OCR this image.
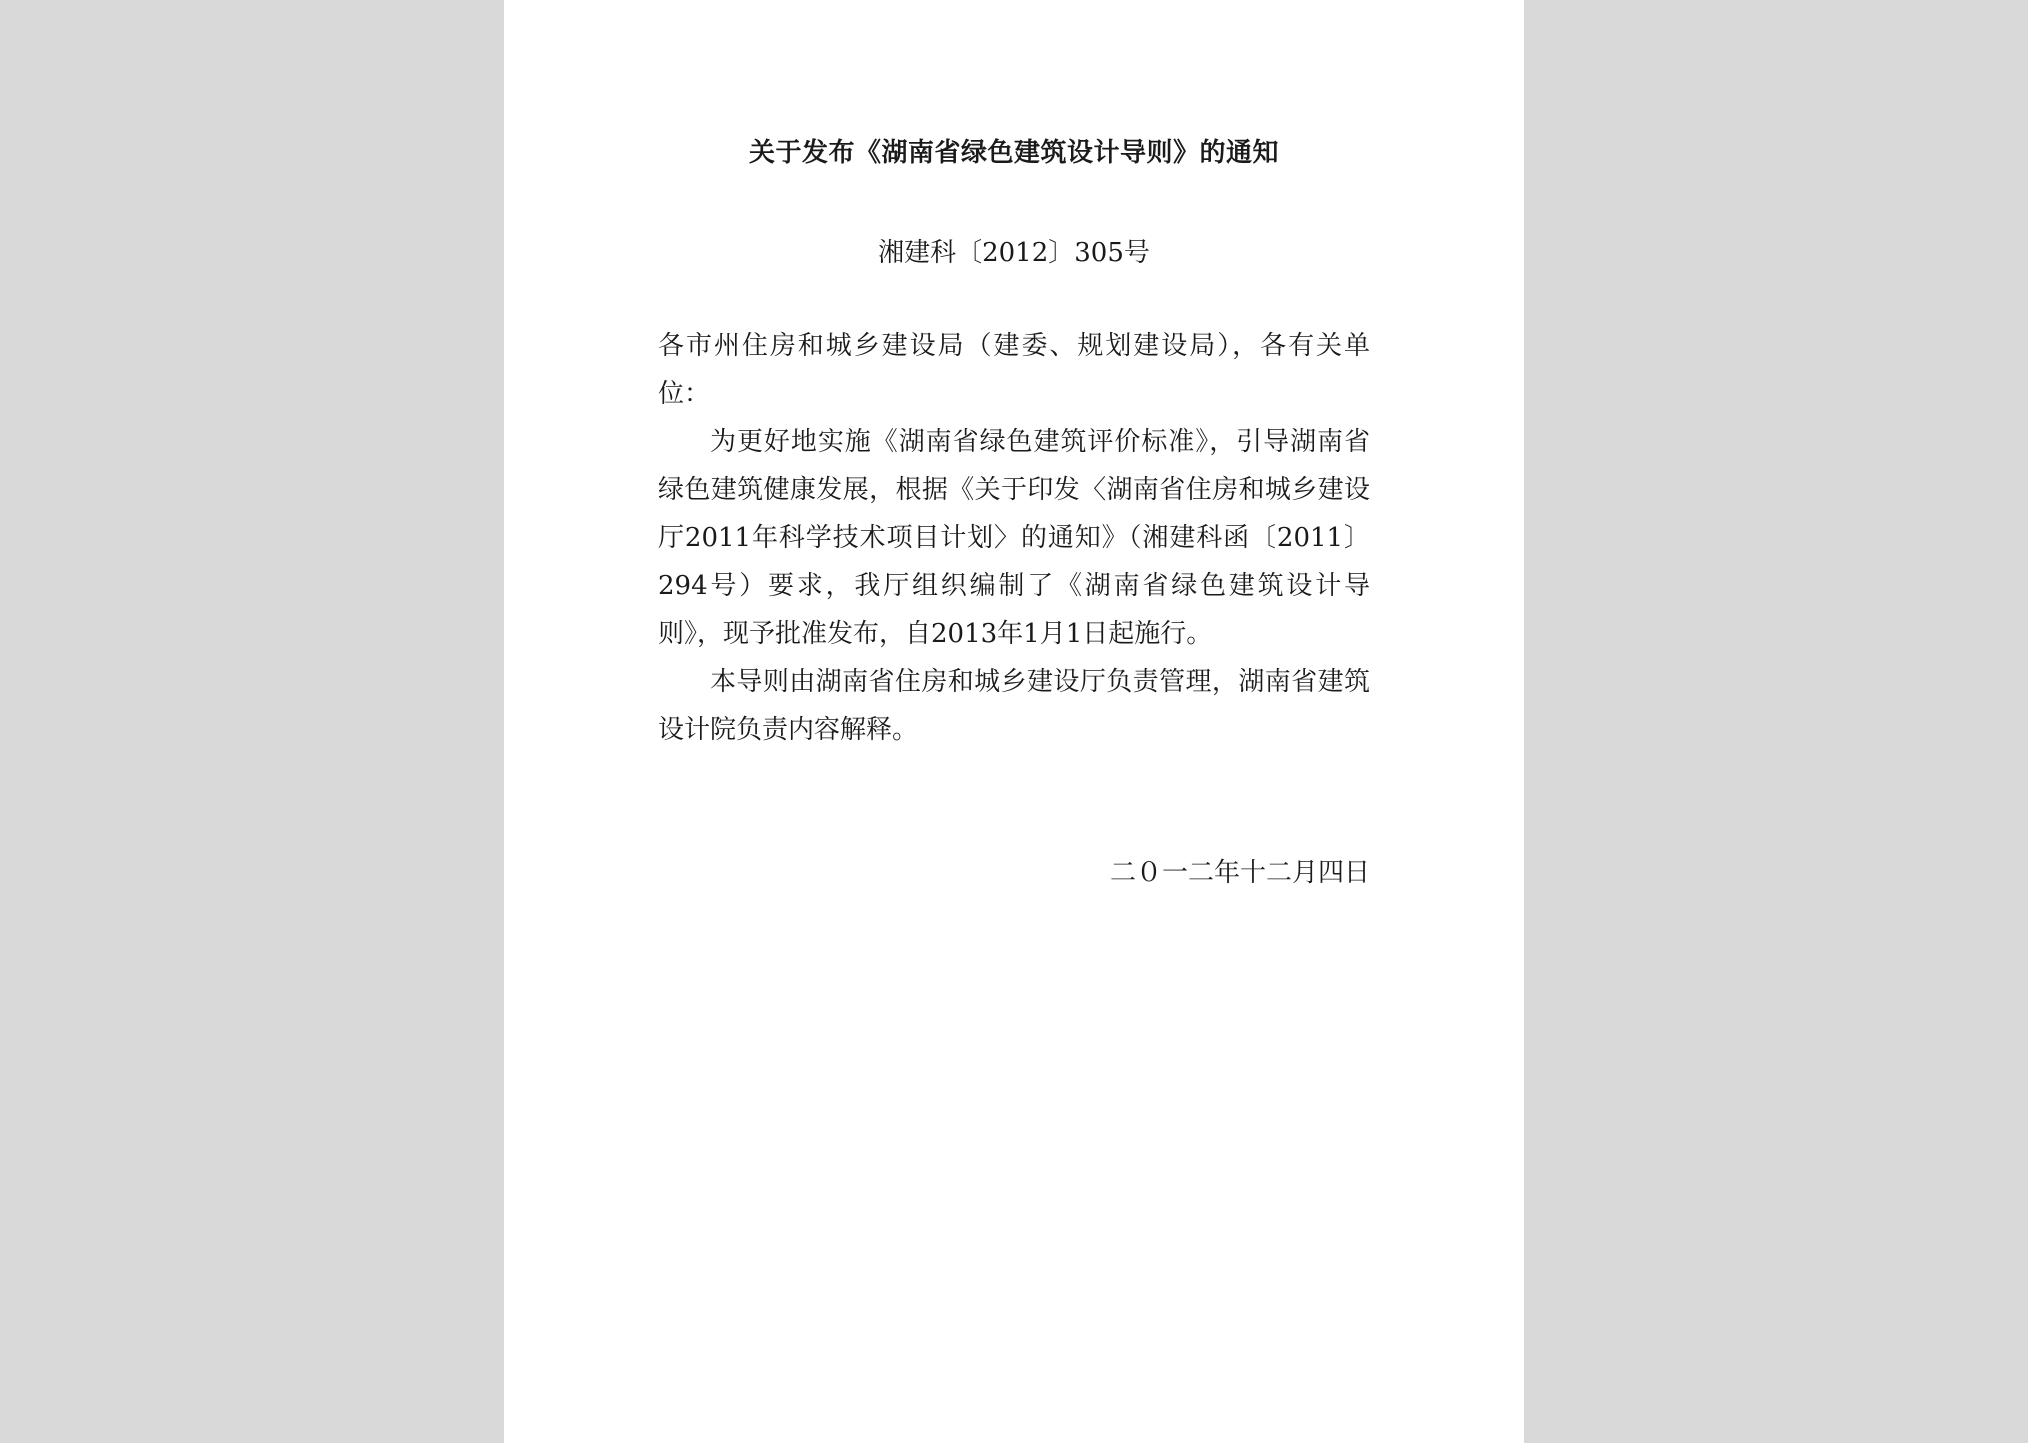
关于发布《湖南省绿色建筑设计导则》的通知
湘建科〔2012〕305号

各市州住房和城乡建设局（建委、规划建设局），各有关单位：

为更好地实施《湖南省绿色建筑评价标准》，引导湖南省绿色建筑健康发展，根据《关于印发〈湖南省住房和城乡建设厅2011年科学技术项目计划〉的通知》（湘建科函〔2011〕294号）要求，我厅组织编制了《湖南省绿色建筑设计导则》，现予批准发布，自2013年1月1日起施行。

本导则由湖南省住房和城乡建设厅负责管理，湖南省建筑设计院负责内容解释。

二０一二年十二月四日
